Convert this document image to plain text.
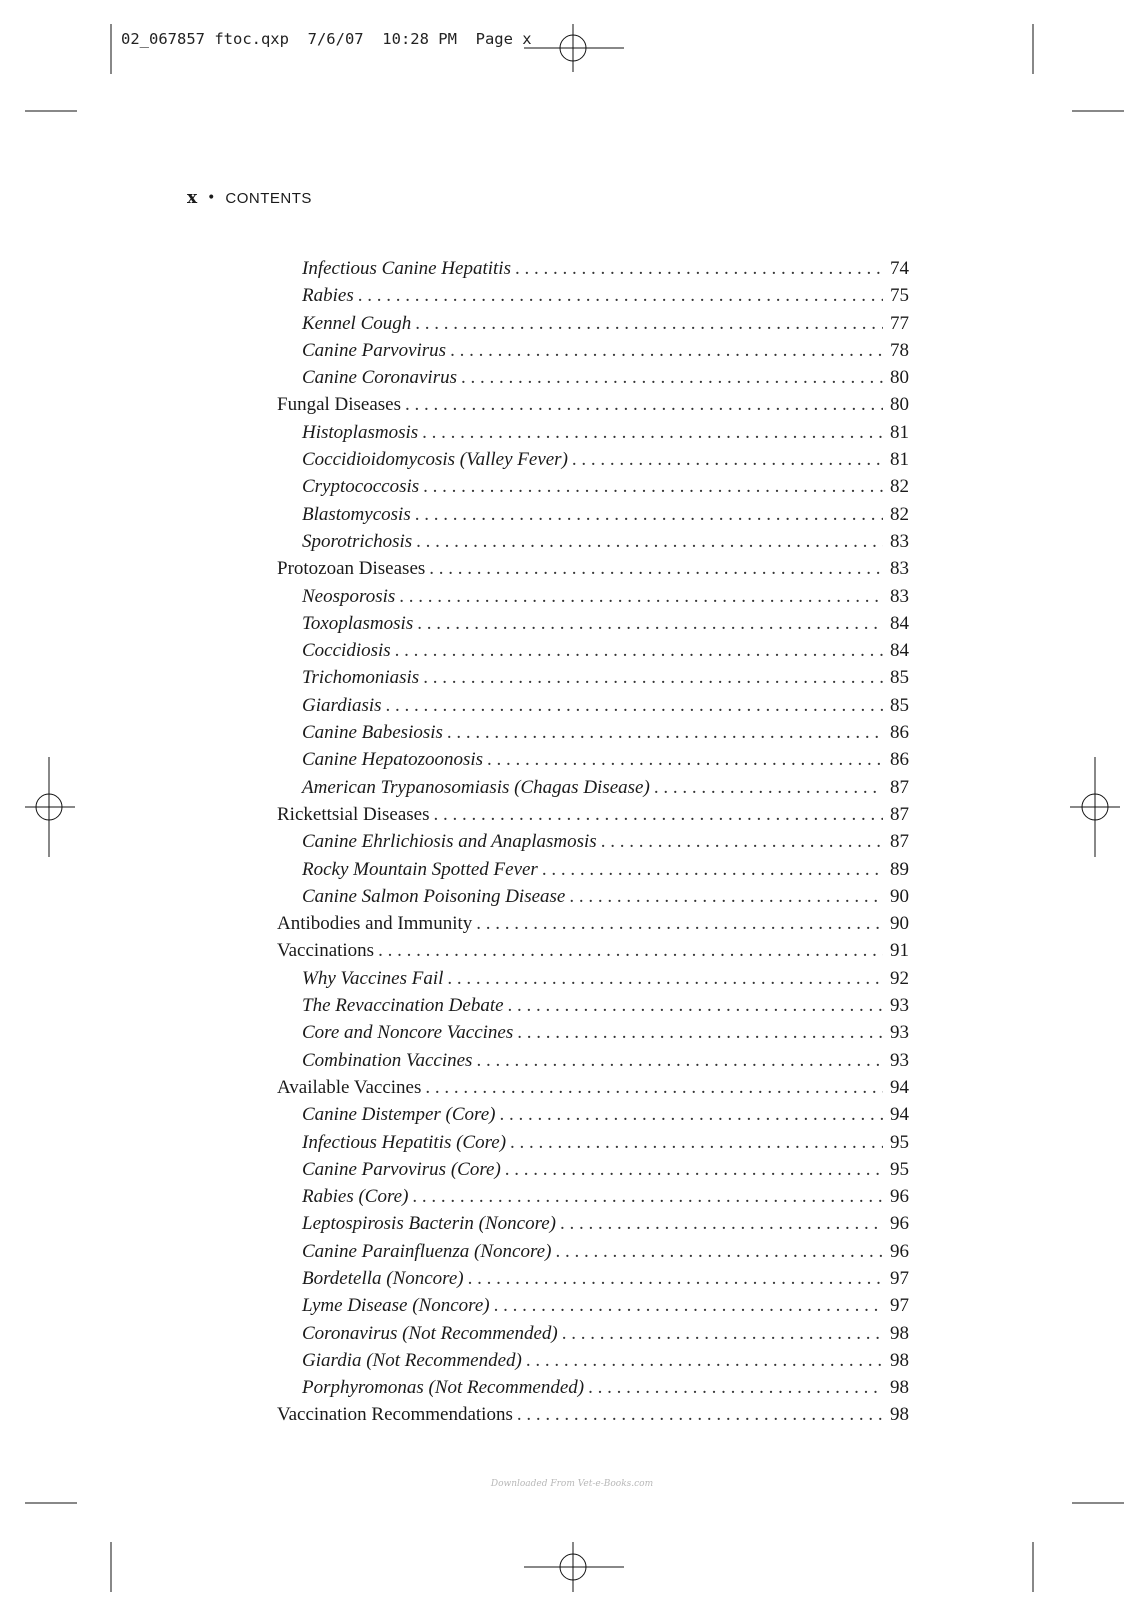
02_067857 ftoc.qxp  7/6/07  10:28 PM  Page x
x • CONTENTS
Infectious Canine Hepatitis . . .	74
Rabies . . .	75
Kennel Cough . . .	77
Canine Parvovirus . . .	78
Canine Coronavirus . . .	80
Fungal Diseases . . .	80
Histoplasmosis . . .	81
Coccidioidomycosis (Valley Fever) . . .	81
Cryptococcosis . . .	82
Blastomycosis . . .	82
Sporotrichosis . . .	83
Protozoan Diseases . . .	83
Neosporosis . . .	83
Toxoplasmosis . . .	84
Coccidiosis . . .	84
Trichomoniasis . . .	85
Giardiasis . . .	85
Canine Babesiosis . . .	86
Canine Hepatozoonosis . . .	86
American Trypanosomiasis (Chagas Disease) . . .	87
Rickettsial Diseases . . .	87
Canine Ehrlichiosis and Anaplasmosis . . .	87
Rocky Mountain Spotted Fever . . .	89
Canine Salmon Poisoning Disease . . .	90
Antibodies and Immunity . . .	90
Vaccinations . . .	91
Why Vaccines Fail . . .	92
The Revaccination Debate . . .	93
Core and Noncore Vaccines . . .	93
Combination Vaccines . . .	93
Available Vaccines . . .	94
Canine Distemper (Core) . . .	94
Infectious Hepatitis (Core) . . .	95
Canine Parvovirus (Core) . . .	95
Rabies (Core) . . .	96
Leptospirosis Bacterin (Noncore) . . .	96
Canine Parainfluenza (Noncore) . . .	96
Bordetella (Noncore) . . .	97
Lyme Disease (Noncore) . . .	97
Coronavirus (Not Recommended) . . .	98
Giardia (Not Recommended) . . .	98
Porphyromonas (Not Recommended) . . .	98
Vaccination Recommendations . . .	98
Downloaded From Vet-e-Books.com
